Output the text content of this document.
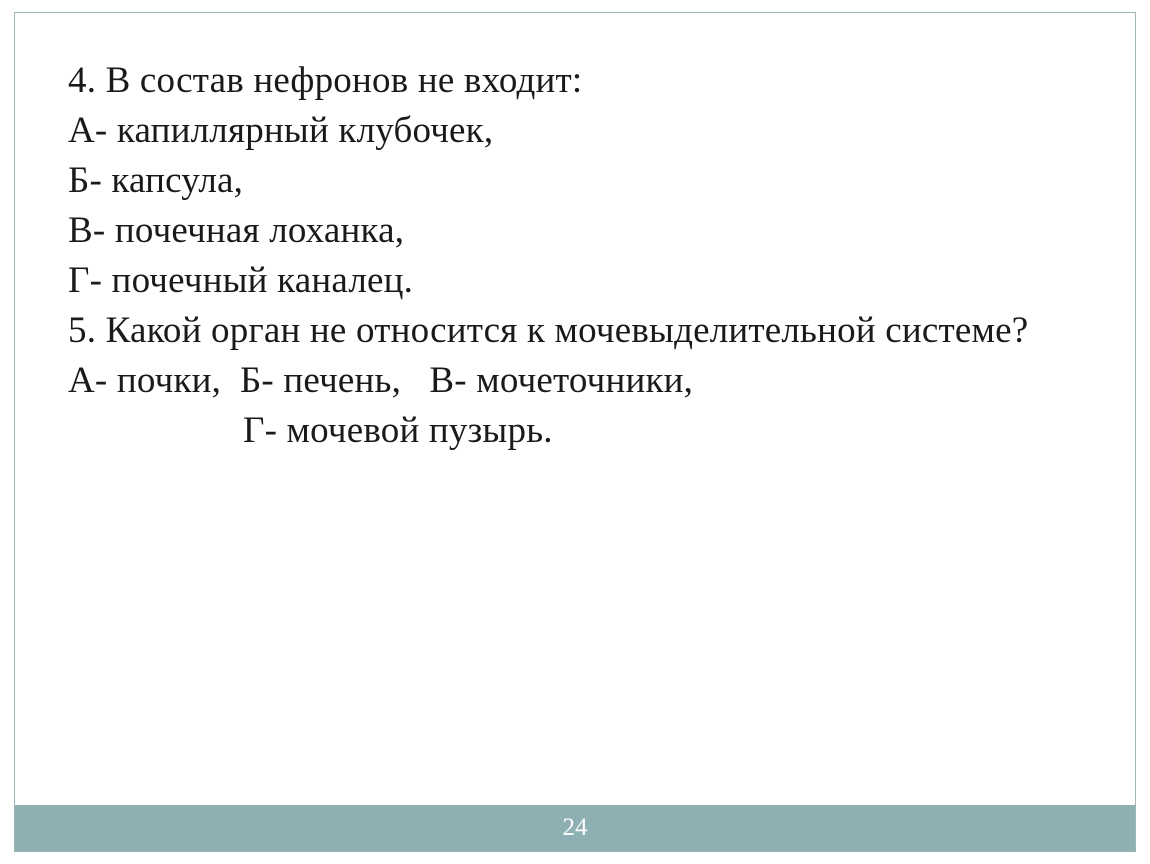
4. В состав нефронов не входит:
А- капиллярный клубочек,
Б- капсула,
В- почечная лоханка,
Г- почечный каналец.
5. Какой орган не относится к мочевыделительной системе?
А- почки,  Б- печень,   В- мочеточники,
Г- мочевой пузырь.
24
